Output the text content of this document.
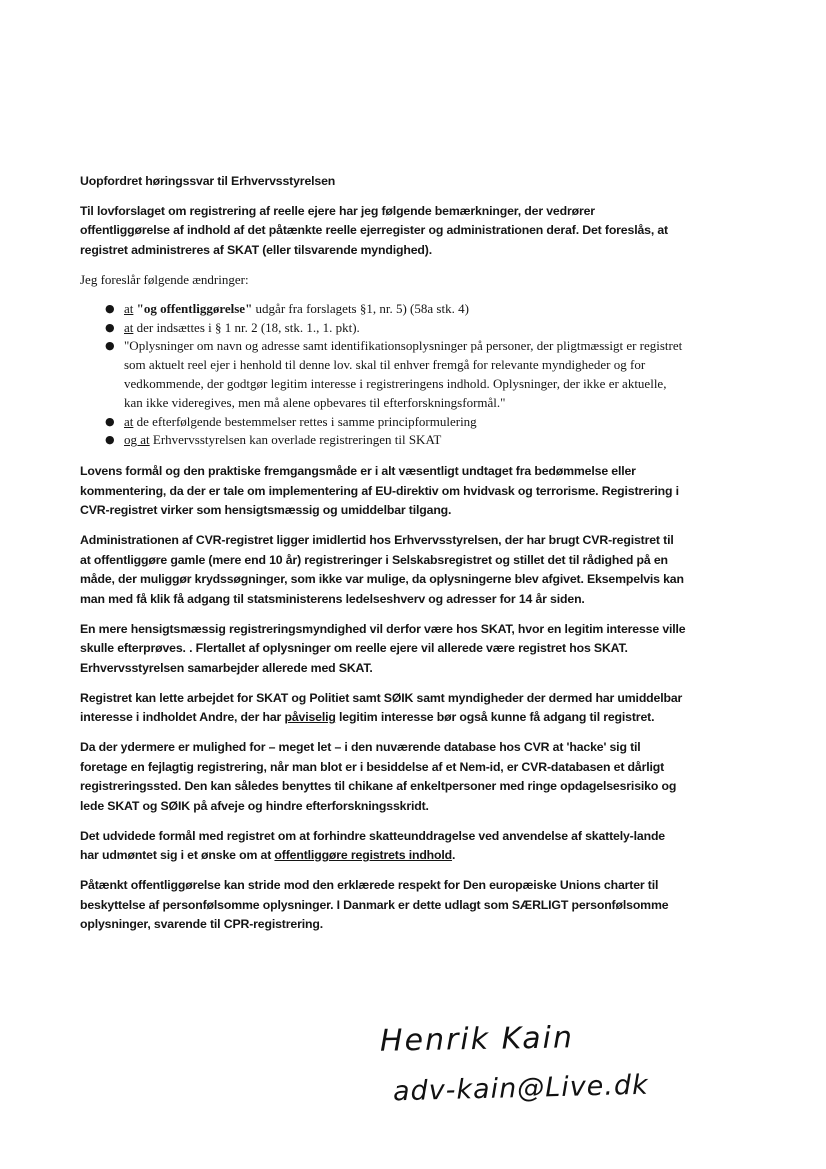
Uopfordret høringssvar til Erhvervsstyrelsen
Til lovforslaget om registrering af reelle ejere har jeg følgende bemærkninger, der vedrører offentliggørelse af indhold af det påtænkte reelle ejerregister og administrationen deraf. Det foreslås, at registret administreres af SKAT (eller tilsvarende myndighed).
Jeg foreslår følgende ændringer:
● at "og offentliggørelse" udgår fra forslagets §1, nr. 5) (58a stk. 4)
● at der indsættes i § 1 nr. 2 (18, stk. 1., 1. pkt).
● "Oplysninger om navn og adresse samt identifikationsoplysninger på personer, der pligtmæssigt er registret som aktuelt reel ejer i henhold til denne lov. skal til enhver fremgå for relevante myndigheder og for vedkommende, der godtgør legitim interesse i registreringens indhold. Oplysninger, der ikke er aktuelle, kan ikke videregives, men må alene opbevares til efterforskningsformål."
● at de efterfølgende bestemmelser rettes i samme principformulering
● og at Erhvervsstyrelsen kan overlade registreringen til SKAT
Lovens formål og den praktiske fremgangsmåde er i alt væsentligt undtaget fra bedømmelse eller kommentering, da der er tale om implementering af EU-direktiv om hvidvask og terrorisme. Registrering i CVR-registret virker som hensigtsmæssig og umiddelbar tilgang.
Administrationen af CVR-registret ligger imidlertid hos Erhvervsstyrelsen, der har brugt CVR-registret til at offentliggøre gamle (mere end 10 år) registreringer i Selskabsregistret og stillet det til rådighed på en måde, der muliggør krydssøgninger, som ikke var mulige, da oplysningerne blev afgivet. Eksempelvis kan man med få klik få adgang til statsministerens ledelseshverv og adresser for 14 år siden.
En mere hensigtsmæssig registreringsmyndighed vil derfor være hos SKAT, hvor en legitim interesse ville skulle efterprøves. . Flertallet af oplysninger om reelle ejere vil allerede være registret hos SKAT. Erhvervsstyrelsen samarbejder allerede med SKAT.
Registret kan lette arbejdet for SKAT og Politiet samt SØIK samt myndigheder der dermed har umiddelbar interesse i indholdet Andre, der har påviselig legitim interesse bør også kunne få adgang til registret.
Da der ydermere er mulighed for – meget let – i den nuværende database hos CVR at 'hacke' sig til foretage en fejlagtig registrering, når man blot er i besiddelse af et Nem-id, er CVR-databasen et dårligt registreringssted. Den kan således benyttes til chikane af enkeltpersoner med ringe opdagelsesrisiko og lede SKAT og SØIK på afveje og hindre efterforskningsskridt.
Det udvidede formål med registret om at forhindre skatteunddragelse ved anvendelse af skattely-lande har udmøntet sig i et ønske om at offentliggøre registrets indhold.
Påtænkt offentliggørelse kan stride mod den erklærede respekt for Den europæiske Unions charter til beskyttelse af personfølsomme oplysninger. I Danmark er dette udlagt som SÆRLIGT personfølsomme oplysninger, svarende til CPR-registrering.
Henrik Kain
adv-kain@Live.dk
